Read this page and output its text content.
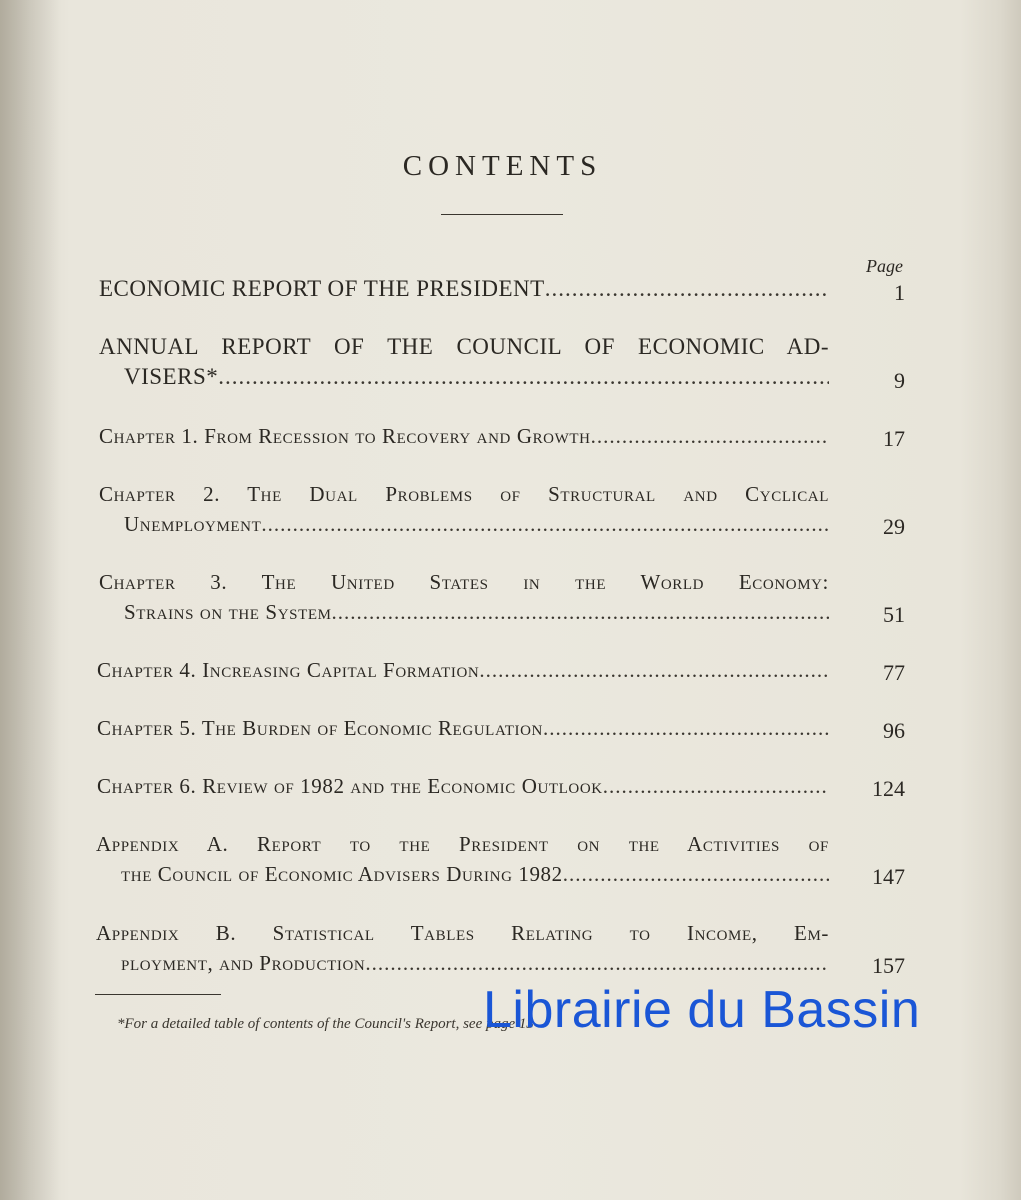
CONTENTS
Page
ECONOMIC REPORT OF THE PRESIDENT .....	1
ANNUAL REPORT OF THE COUNCIL OF ECONOMIC AD-
VISERS* .....	9
Chapter 1. From Recession to Recovery and Growth .....	17
Chapter 2. The Dual Problems of Structural and Cyclical
Unemployment .....	29
Chapter 3. The United States in the World Economy:
Strains on the System .....	51
Chapter 4. Increasing Capital Formation .....	77
Chapter 5. The Burden of Economic Regulation .....	96
Chapter 6. Review of 1982 and the Economic Outlook .....	124
Appendix A. Report to the President on the Activities of
the Council of Economic Advisers During 1982 .....	147
Appendix B. Statistical Tables Relating to Income, Em-
ployment, and Production .....	157
*For a detailed table of contents of the Council's Report, see page 13
Librairie du Bassin
